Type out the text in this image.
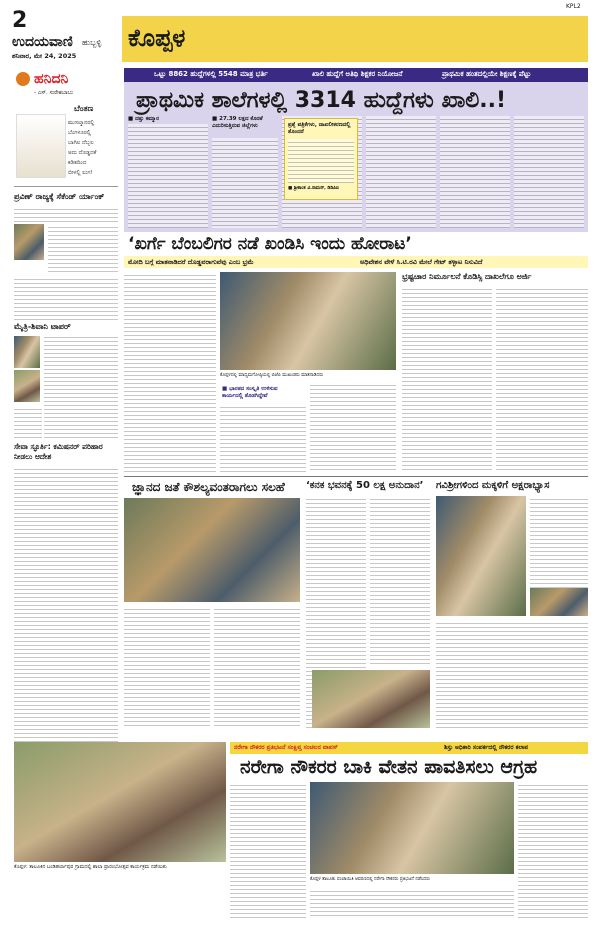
2
ಉದಯವಾಣಿ ಹುಬ್ಬಳ್ಳಿ
ಶನಿವಾರ, ಮೇ 24, 2025
ಕೊಪ್ಪಳ
KPL2
ಹನಿದನಿ
- ಎಸ್. ಸುರೇಶಬಾಬು
ಬೆಂತಣ
ಮುಸಲ್ಮಾನರಲ್ಲಿ
ಬೆಂಗಳೂರಲ್ಲಿ
ಬಾಗಿಲ ದೆಬ್ಬಲ
ಅದು ದೊಡ್ಡದಕೆ
ಕಡಿತದಿಂದ
ಬೀಳಲ್ಲಿ ಲುಗ!
ಪ್ರವಿಣ್ ರಾಜ್ಯಕ್ಕೆ ಸೆಕೆಂಡ್ ರ್ಯಾಂಕ್
ಮೈತ್ರಿ-ಶಿವಾನಿ ಟಾಪರ್
ಸೇವಾ ಸ್ಫೂರ್ತಿ: ಕಮಿಷನರ್ ಪರಿಹಾರ ನೀಡಲು ಆದೇಶ
ಒಟ್ಟು 8862 ಹುದ್ದೆಗಳಲ್ಲಿ 5548 ಮಾತ್ರ ಭರ್ತಿ	ಖಾಲಿ ಹುದ್ದೆಗೆ ಅತಿಥಿ ಶಿಕ್ಷಕರ ನಿಯೋಜನೆ	ಪ್ರಾಥಮಿಕ ಹಂತದಲ್ಲಿಯೇ ಶಿಕ್ಷಣಕ್ಕೆ ಪೆಟ್ಟು
ಪ್ರಾಥಮಿಕ ಶಾಲೆಗಳಲ್ಲಿ 3314 ಹುದ್ದೆಗಳು ಖಾಲಿ..!
■ ದತ್ತು ಕಮ್ಮಾರ	■ 27.39 ಲಕ್ಷದ ಕೊರತೆ ಎದುರಿಸುತ್ತಿರುವ ಜಿಲ್ಲೆಗಳು	ಪ್ರಶ್ನೆ ಪತ್ರಿಕೆಗಳು, ದಾಖಲೀಕರಣದಲ್ಲಿ ತೊಂದರೆ
■ ಶ್ರೀಕಾಂತ ವಿ.ರಾಮನ್, ಡಿಡಿಪಿಐ
‘ಖರ್ಗೆ ಬೆಂಬಲಿಗರ ನಡೆ ಖಂಡಿಸಿ ಇಂದು ಹೋರಾಟ’
ಮೋದಿ ಬಗ್ಗೆ ಮಾತನಾಡಿದರೆ ದೊಡ್ಡವರಾಗುವೆವು ಎಂಬ ಭ್ರಮೆ	ಅಧಿವೇಶನ ವೇಳೆ ಸಿ.ಟಿ.ರವಿ ಮೇಲೆ ಗೇಟ್ ತಳ್ಳಾಟ ನಿಸುವಿದೆ
ಕೊಪ್ಪಳದಲ್ಲಿ ಮಾಧ್ಯಮಗೋಷ್ಠಿಯಲ್ಲಿ ಬಿಜೆಪಿ ಮುಖಂಡರು ಮಾತನಾಡಿದರು
■ ಭಾರತದ ಸಂಸ್ಕೃತಿ ಉಳಿಸುವ ಕಾರ್ಯದಲ್ಲಿ ತೊಡಗಿದ್ದೇವೆ
ಭ್ರಷ್ಟಚಾರ ನಿರ್ಮೂಲನೆ ಕೊಡಿಸ್ಸಿ ದಾಖಲೆಗೂ ಅರ್ಜಿ
ಜ್ಞಾನದ ಜತೆ ಕೌಶಲ್ಯವಂತರಾಗಲು ಸಲಹೆ ‘ಕನಕ ಭವನಕ್ಕೆ 50 ಲಕ್ಷ ಅನುದಾನ’ ಗವಿಶ್ರೀಗಳಿಂದ ಮಕ್ಕಳಿಗೆ ಅಕ್ಷರಾಭ್ಯಾಸ
ಕೊಪ್ಪಳ: ತಾಲೂಕಿನ ಬಂಡಿಹರ್ಲಾಪುರ ಗ್ರಾಮದಲ್ಲಿ ಶಾಲಾ ಪ್ರಾರಂಭೋತ್ಸವ ಕಾರ್ಯಕ್ರಮ ನಡೆಯಿತು
ನರೇಗಾ ನೌಕರರ ಪ್ರತಿಭಟನೆ ಸಂಕ್ಷಿಪ್ತ ಸಂಚಲನ ವಾಪಸ್	ಶಿಸ್ತು ಅಧಿಕಾರಿ ಸಂಪರ್ಕದಲ್ಲಿ ನೌಕರರ ಕಲಾಪ
ನರೇಗಾ ನೌಕರರ ಬಾಕಿ ವೇತನ ಪಾವತಿಸಲು ಆಗ್ರಹ
ಕೊಪ್ಪಳ ತಾಲೂಕು ಪಂಚಾಯಿತಿ ಆವರಣದಲ್ಲಿ ನರೇಗಾ ನೌಕರರು ಪ್ರತಿಭಟನೆ ನಡೆಸಿದರು
